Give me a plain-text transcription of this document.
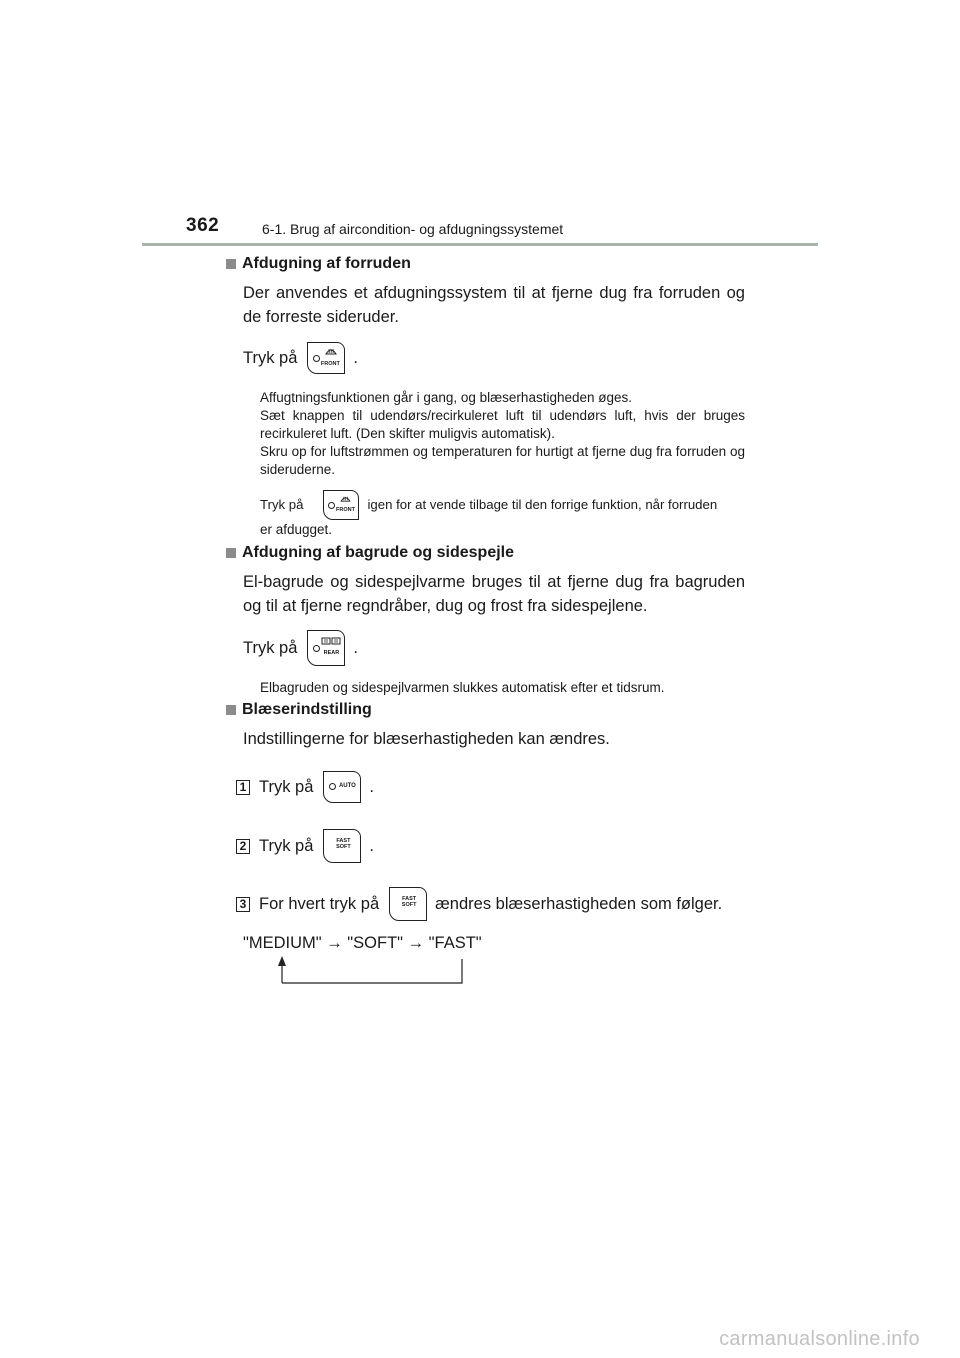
362	6-1. Brug af aircondition- og afdugningssystemet
Afdugning af forruden
Der anvendes et afdugningssystem til at fjerne dug fra forruden og de forreste sideruder.
Tryk på	FRONT .
Affugtningsfunktionen går i gang, og blæserhastigheden øges.
Sæt knappen til udendørs/recirkuleret luft til udendørs luft, hvis der bruges recirkuleret luft. (Den skifter muligvis automatisk).
Skru op for luftstrømmen og temperaturen for hurtigt at fjerne dug fra forruden og sideruderne.
Tryk på	FRONT igen for at vende tilbage til den forrige funktion, når forruden
er afdugget.
Afdugning af bagrude og sidespejle
El-bagrude og sidespejlvarme bruges til at fjerne dug fra bagruden og til at fjerne regndråber, dug og frost fra sidespejlene.
Tryk på	REAR .
Elbagruden og sidespejlvarmen slukkes automatisk efter et tidsrum.
Blæserindstilling
Indstillingerne for blæserhastigheden kan ændres.
1 Tryk på	AUTO .
2 Tryk på	FAST SOFT .
3 For hvert tryk på	FAST SOFT ændres blæserhastigheden som følger.
"MEDIUM" → "SOFT" → "FAST"
carmanualsonline.info
